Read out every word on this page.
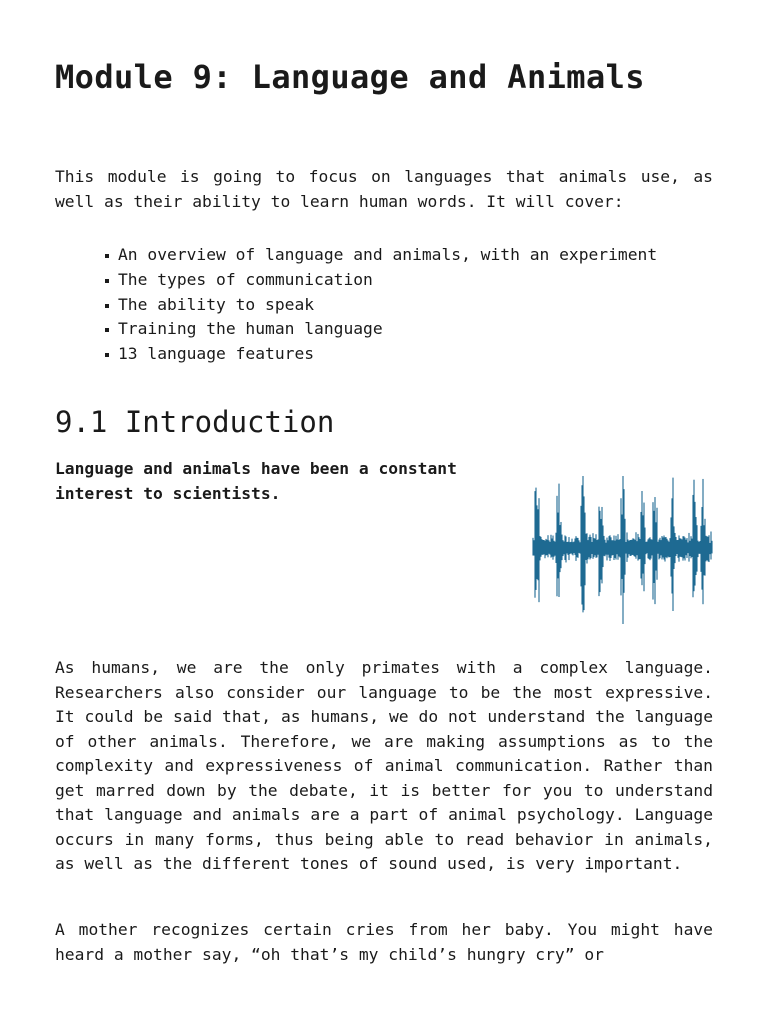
Module 9: Language and Animals

This module is going to focus on languages that animals use, as well as their ability to learn human words. It will cover:

An overview of language and animals, with an experiment
The types of communication
The ability to speak
Training the human language
13 language features
9.1 Introduction

Language and animals have been a constant interest to scientists.

As humans, we are the only primates with a complex language. Researchers also consider our language to be the most expressive. It could be said that, as humans, we do not understand the language of other animals. Therefore, we are making assumptions as to the complexity and expressiveness of animal communication. Rather than get marred down by the debate, it is better for you to understand that language and animals are a part of animal psychology. Language occurs in many forms, thus being able to read behavior in animals, as well as the different tones of sound used, is very important.

A mother recognizes certain cries from her baby. You might have heard a mother say, “oh that’s my child’s hungry cry” or
